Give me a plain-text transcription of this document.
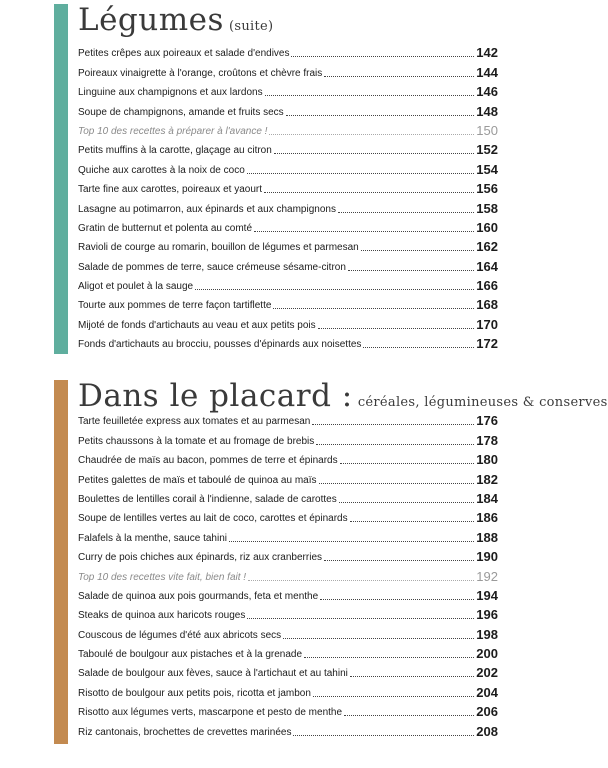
Légumes (suite)
Petites crêpes aux poireaux et salade d'endives	142
Poireaux vinaigrette à l'orange, croûtons et chèvre frais	144
Linguine aux champignons et aux lardons	146
Soupe de champignons, amande et fruits secs	148
Top 10 des recettes à préparer à l'avance !	150
Petits muffins à la carotte, glaçage au citron	152
Quiche aux carottes à la noix de coco	154
Tarte fine aux carottes, poireaux et yaourt	156
Lasagne au potimarron, aux épinards et aux champignons	158
Gratin de butternut et polenta au comté	160
Ravioli de courge au romarin, bouillon de légumes et parmesan	162
Salade de pommes de terre, sauce crémeuse sésame-citron	164
Aligot et poulet à la sauge	166
Tourte aux pommes de terre façon tartiflette	168
Mijoté de fonds d'artichauts au veau et aux petits pois	170
Fonds d'artichauts au brocciu, pousses d'épinards aux noisettes	172
Dans le placard : céréales, légumineuses & conserves
Tarte feuilletée express aux tomates et au parmesan	176
Petits chaussons à la tomate et au fromage de brebis	178
Chaudrée de maïs au bacon, pommes de terre et épinards	180
Petites galettes de maïs et taboulé de quinoa au maïs	182
Boulettes de lentilles corail à l'indienne, salade de carottes	184
Soupe de lentilles vertes au lait de coco, carottes et épinards	186
Falafels à la menthe, sauce tahini	188
Curry de pois chiches aux épinards, riz aux cranberries	190
Top 10 des recettes vite fait, bien fait !	192
Salade de quinoa aux pois gourmands, feta et menthe	194
Steaks de quinoa aux haricots rouges	196
Couscous de légumes d'été aux abricots secs	198
Taboulé de boulgour aux pistaches et à la grenade	200
Salade de boulgour aux fèves, sauce à l'artichaut et au tahini	202
Risotto de boulgour aux petits pois, ricotta et jambon	204
Risotto aux légumes verts, mascarpone et pesto de menthe	206
Riz cantonais, brochettes de crevettes marinées	208
